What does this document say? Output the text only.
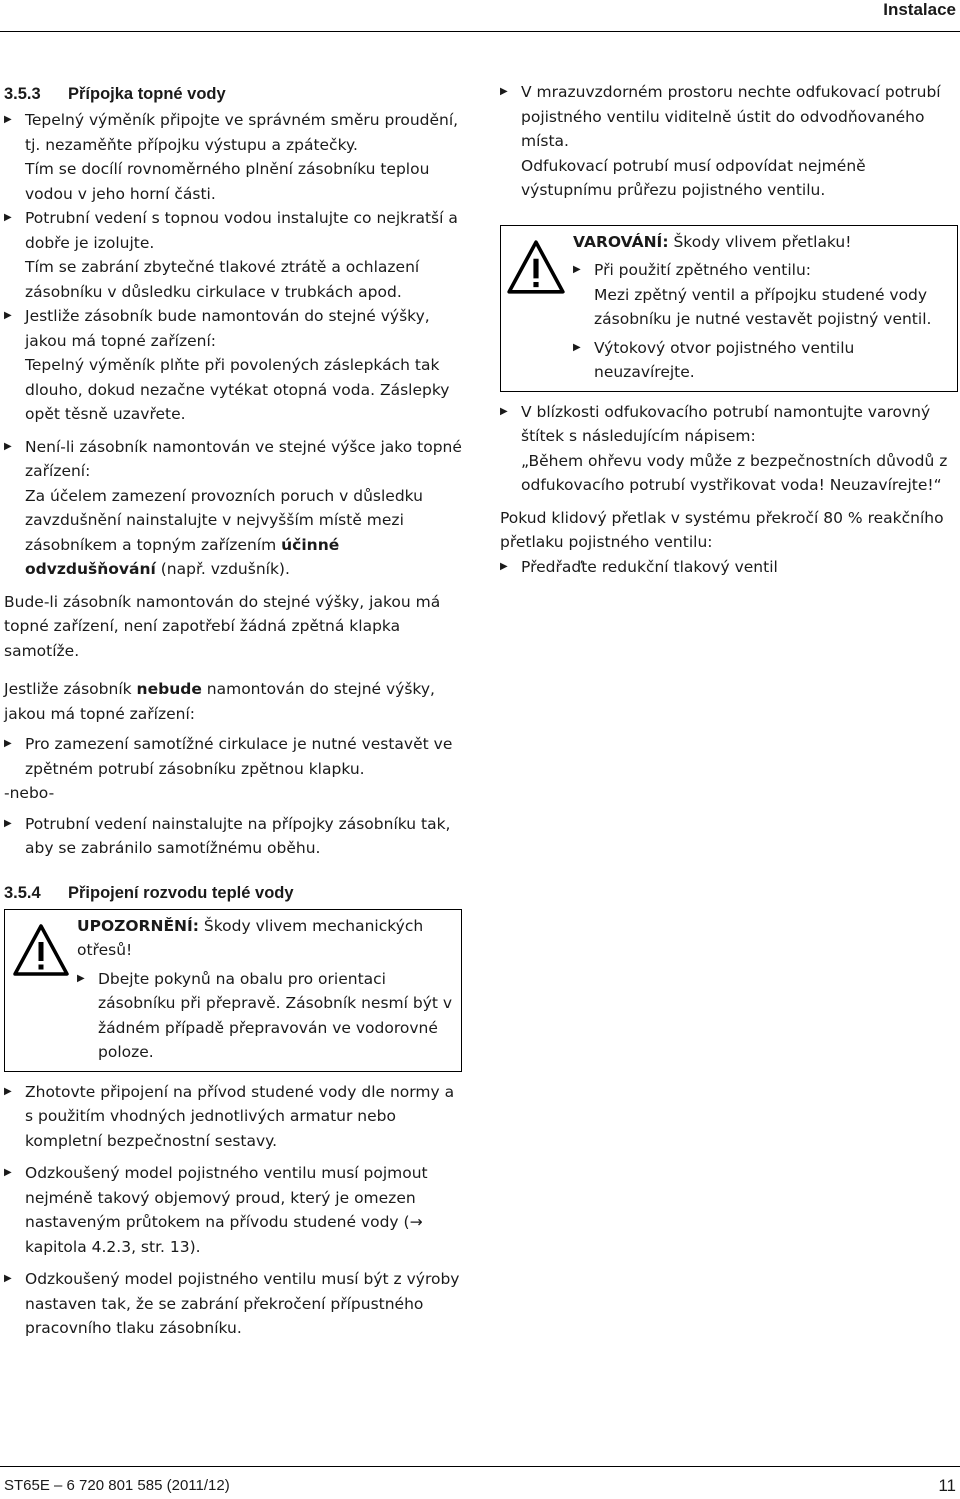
Instalace
3.5.3 Přípojka topné vody
▶ Tepelný výměník připojte ve správném směru proudění, tj. nezaměňte přípojku výstupu a zpátečky.

Tím se docílí rovnoměrného plnění zásobníku teplou vodou v jeho horní části.

▶ Potrubní vedení s topnou vodou instalujte co nejkratší a dobře je izolujte.

Tím se zabrání zbytečné tlakové ztrátě a ochlazení zásobníku v důsledku cirkulace v trubkách apod.

▶ Jestliže zásobník bude namontován do stejné výšky, jakou má topné zařízení:

Tepelný výměník plňte při povolených záslepkách tak dlouho, dokud nezačne vytékat otopná voda. Záslepky opět těsně uzavřete.

▶ Není-li zásobník namontován ve stejné výšce jako topné zařízení:

Za účelem zamezení provozních poruch v důsledku zavzdušnění nainstalujte v nejvyšším místě mezi zásobníkem a topným zařízením účinné odvzdušňování (např. vzdušník).

Bude-li zásobník namontován do stejné výšky, jakou má topné zařízení, není zapotřebí žádná zpětná klapka samotíže.

Jestliže zásobník nebude namontován do stejné výšky, jakou má topné zařízení:

▶ Pro zamezení samotížné cirkulace je nutné vestavět ve zpětném potrubí zásobníku zpětnou klapku.

-nebo-

▶ Potrubní vedení nainstalujte na přípojky zásobníku tak, aby se zabránilo samotížnému oběhu.

3.5.4 Připojení rozvodu teplé vody

UPOZORNĚNÍ: Škody vlivem mechanických otřesů!

▶ Dbejte pokynů na obalu pro orientaci zásobníku při přepravě. Zásobník nesmí být v žádném případě přepravován ve vodorovné poloze.

▶ Zhotovte připojení na přívod studené vody dle normy a s použitím vhodných jednotlivých armatur nebo kompletní bezpečnostní sestavy.

▶ Odzkoušený model pojistného ventilu musí pojmout nejméně takový objemový proud, který je omezen nastaveným průtokem na přívodu studené vody (→ kapitola 4.2.3, str. 13).

▶ Odzkoušený model pojistného ventilu musí být z výroby nastaven tak, že se zabrání překročení přípustného pracovního tlaku zásobníku.

▶ V mrazuvzdorném prostoru nechte odfukovací potrubí pojistného ventilu viditelně ústit do odvodňovaného místa.

Odfukovací potrubí musí odpovídat nejméně výstupnímu průřezu pojistného ventilu.

VAROVÁNÍ: Škody vlivem přetlaku!

▶ Při použití zpětného ventilu:

Mezi zpětný ventil a přípojku studené vody zásobníku je nutné vestavět pojistný ventil.

▶ Výtokový otvor pojistného ventilu neuzavírejte.

▶ V blízkosti odfukovacího potrubí namontujte varovný štítek s následujícím nápisem:

„Během ohřevu vody může z bezpečnostních důvodů z odfukovacího potrubí vystřikovat voda! Neuzavírejte!“

Pokud klidový přetlak v systému překročí 80 % reakčního přetlaku pojistného ventilu:

▶ Předřaďte redukční tlakový ventil

ST65E – 6 720 801 585 (2011/12)	11
